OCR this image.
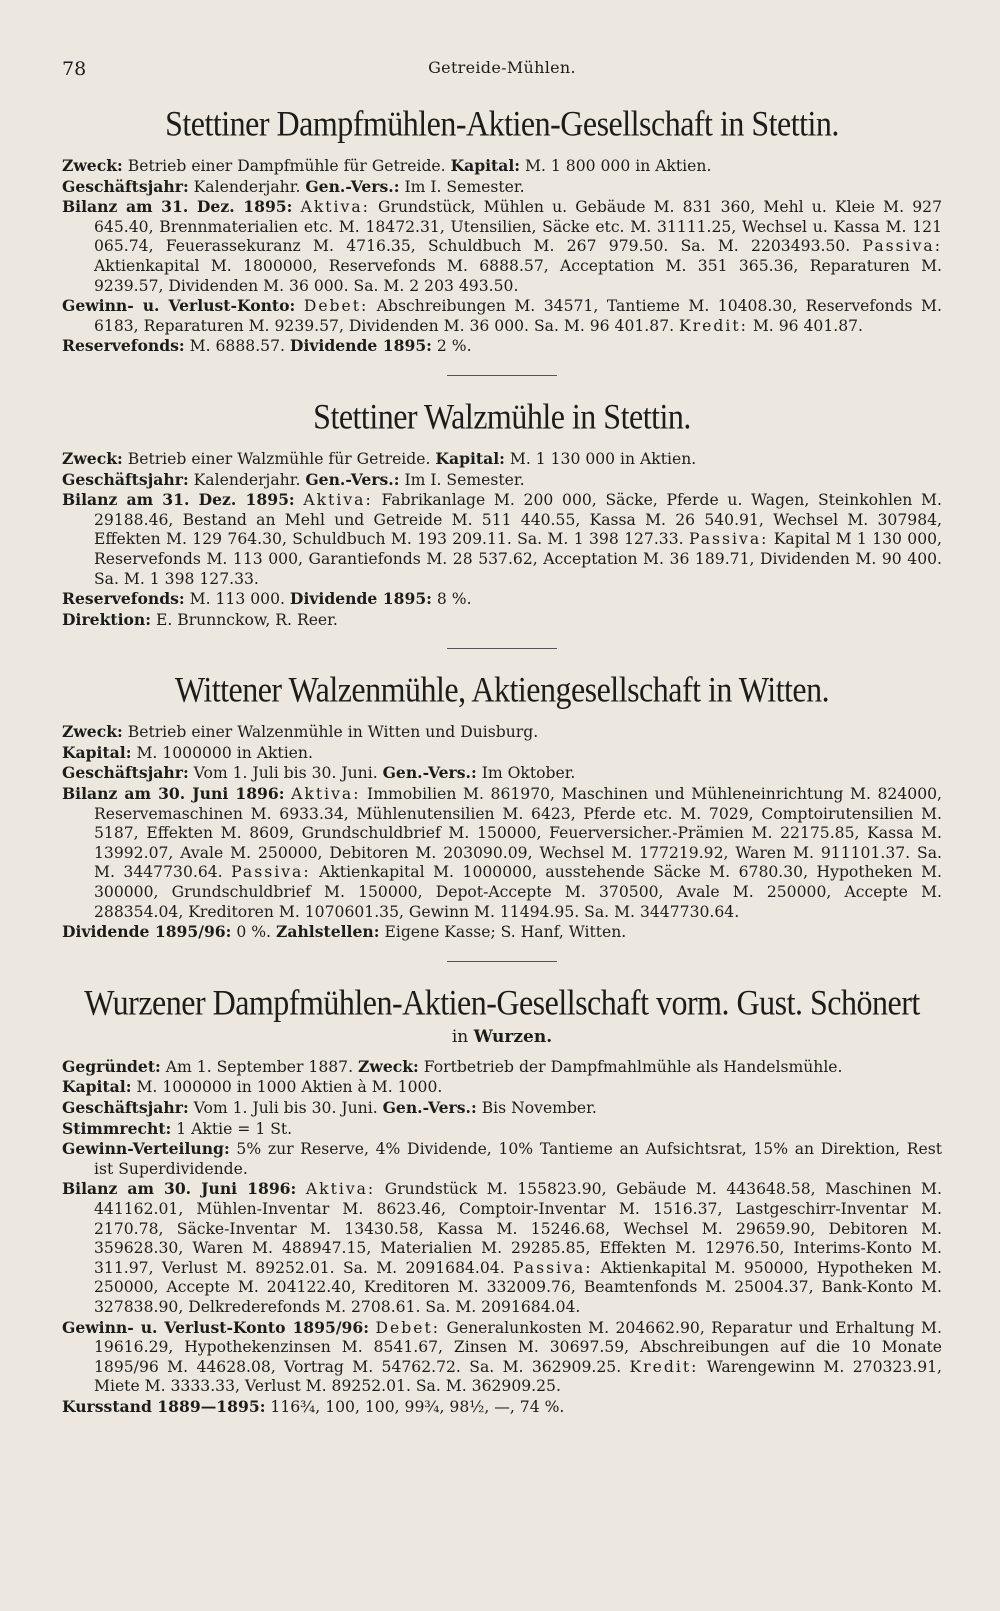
78	Getreide-Mühlen.
Stettiner Dampfmühlen-Aktien-Gesellschaft in Stettin.
Zweck: Betrieb einer Dampfmühle für Getreide. Kapital: M. 1 800 000 in Aktien.
Geschäftsjahr: Kalenderjahr. Gen.-Vers.: Im I. Semester.
Bilanz am 31. Dez. 1895: Aktiva: Grundstück, Mühlen u. Gebäude M. 831 360, Mehl u. Kleie M. 927 645.40, Brennmaterialien etc. M. 18472.31, Utensilien, Säcke etc. M. 31111.25, Wechsel u. Kassa M. 121 065.74, Feuerassekuranz M. 4716.35, Schuldbuch M. 267 979.50. Sa. M. 2203493.50. Passiva: Aktienkapital M. 1800000, Reservefonds M. 6888.57, Acceptation M. 351 365.36, Reparaturen M. 9239.57, Dividenden M. 36 000. Sa. M. 2 203 493.50.
Gewinn- u. Verlust-Konto: Debet: Abschreibungen M. 34571, Tantieme M. 10408.30, Reservefonds M. 6183, Reparaturen M. 9239.57, Dividenden M. 36 000. Sa. M. 96 401.87. Kredit: M. 96 401.87.
Reservefonds: M. 6888.57. Dividende 1895: 2 %.
Stettiner Walzmühle in Stettin.
Zweck: Betrieb einer Walzmühle für Getreide. Kapital: M. 1 130 000 in Aktien.
Geschäftsjahr: Kalenderjahr. Gen.-Vers.: Im I. Semester.
Bilanz am 31. Dez. 1895: Aktiva: Fabrikanlage M. 200 000, Säcke, Pferde u. Wagen, Steinkohlen M. 29188.46, Bestand an Mehl und Getreide M. 511 440.55, Kassa M. 26 540.91, Wechsel M. 307984, Effekten M. 129 764.30, Schuldbuch M. 193 209.11. Sa. M. 1 398 127.33. Passiva: Kapital M 1 130 000, Reservefonds M. 113 000, Garantiefonds M. 28 537.62, Acceptation M. 36 189.71, Dividenden M. 90 400. Sa. M. 1 398 127.33.
Reservefonds: M. 113 000. Dividende 1895: 8 %.
Direktion: E. Brunnckow, R. Reer.
Wittener Walzenmühle, Aktiengesellschaft in Witten.
Zweck: Betrieb einer Walzenmühle in Witten und Duisburg.
Kapital: M. 1000000 in Aktien.
Geschäftsjahr: Vom 1. Juli bis 30. Juni. Gen.-Vers.: Im Oktober.
Bilanz am 30. Juni 1896: Aktiva: Immobilien M. 861970, Maschinen und Mühleneinrichtung M. 824000, Reservemaschinen M. 6933.34, Mühlenutensilien M. 6423, Pferde etc. M. 7029, Comptoirutensilien M. 5187, Effekten M. 8609, Grundschuldbrief M. 150000, Feuerversicher.-Prämien M. 22175.85, Kassa M. 13992.07, Avale M. 250000, Debitoren M. 203090.09, Wechsel M. 177219.92, Waren M. 911101.37. Sa. M. 3447730.64. Passiva: Aktienkapital M. 1000000, ausstehende Säcke M. 6780.30, Hypotheken M. 300000, Grundschuldbrief M. 150000, Depot-Accepte M. 370500, Avale M. 250000, Accepte M. 288354.04, Kreditoren M. 1070601.35, Gewinn M. 11494.95. Sa. M. 3447730.64.
Dividende 1895/96: 0 %. Zahlstellen: Eigene Kasse; S. Hanf, Witten.
Wurzener Dampfmühlen-Aktien-Gesellschaft vorm. Gust. Schönert
in Wurzen.
Gegründet: Am 1. September 1887. Zweck: Fortbetrieb der Dampfmahlmühle als Handelsmühle.
Kapital: M. 1000000 in 1000 Aktien à M. 1000.
Geschäftsjahr: Vom 1. Juli bis 30. Juni. Gen.-Vers.: Bis November.
Stimmrecht: 1 Aktie = 1 St.
Gewinn-Verteilung: 5% zur Reserve, 4% Dividende, 10% Tantieme an Aufsichtsrat, 15% an Direktion, Rest ist Superdividende.
Bilanz am 30. Juni 1896: Aktiva: Grundstück M. 155823.90, Gebäude M. 443648.58, Maschinen M. 441162.01, Mühlen-Inventar M. 8623.46, Comptoir-Inventar M. 1516.37, Lastgeschirr-Inventar M. 2170.78, Säcke-Inventar M. 13430.58, Kassa M. 15246.68, Wechsel M. 29659.90, Debitoren M. 359628.30, Waren M. 488947.15, Materialien M. 29285.85, Effekten M. 12976.50, Interims-Konto M. 311.97, Verlust M. 89252.01. Sa. M. 2091684.04. Passiva: Aktienkapital M. 950000, Hypotheken M. 250000, Accepte M. 204122.40, Kreditoren M. 332009.76, Beamtenfonds M. 25004.37, Bank-Konto M. 327838.90, Delkrederefonds M. 2708.61. Sa. M. 2091684.04.
Gewinn- u. Verlust-Konto 1895/96: Debet: Generalunkosten M. 204662.90, Reparatur und Erhaltung M. 19616.29, Hypothekenzinsen M. 8541.67, Zinsen M. 30697.59, Abschreibungen auf die 10 Monate 1895/96 M. 44628.08, Vortrag M. 54762.72. Sa. M. 362909.25. Kredit: Warengewinn M. 270323.91, Miete M. 3333.33, Verlust M. 89252.01. Sa. M. 362909.25.
Kursstand 1889—1895: 116¾, 100, 100, 99¾, 98½, —, 74 %.
